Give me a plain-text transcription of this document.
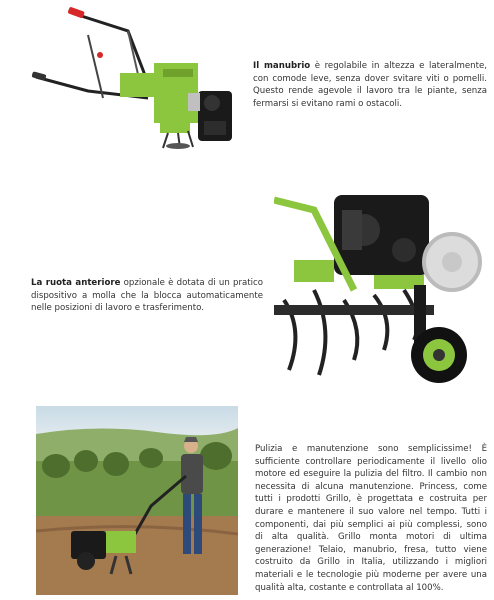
Il manubrio è regolabile in altezza e lateralmente, con comode leve, senza dover svitare viti o pomelli. Questo rende agevole il lavoro tra le piante, senza fermarsi si evitano rami o ostacoli.
La ruota anteriore opzionale è dotata di un pratico dispositivo a molla che la blocca automaticamente nelle posizioni di lavoro e trasferimento.
Pulizia e manutenzione sono semplicissime! È sufficiente controllare periodicamente il livello olio motore ed eseguire la pulizia del filtro. Il cambio non necessita di alcuna manutenzione. Princess, come tutti i prodotti Grillo, è progettata e costruita per durare e mantenere il suo valore nel tempo. Tutti i componenti, dai più semplici ai più complessi, sono di alta qualità. Grillo monta motori di ultima generazione! Telaio, manubrio, fresa, tutto viene costruito da Grillo in Italia, utilizzando i migliori materiali e le tecnologie più moderne per avere una qualità alta, costante e controllata al 100%.
